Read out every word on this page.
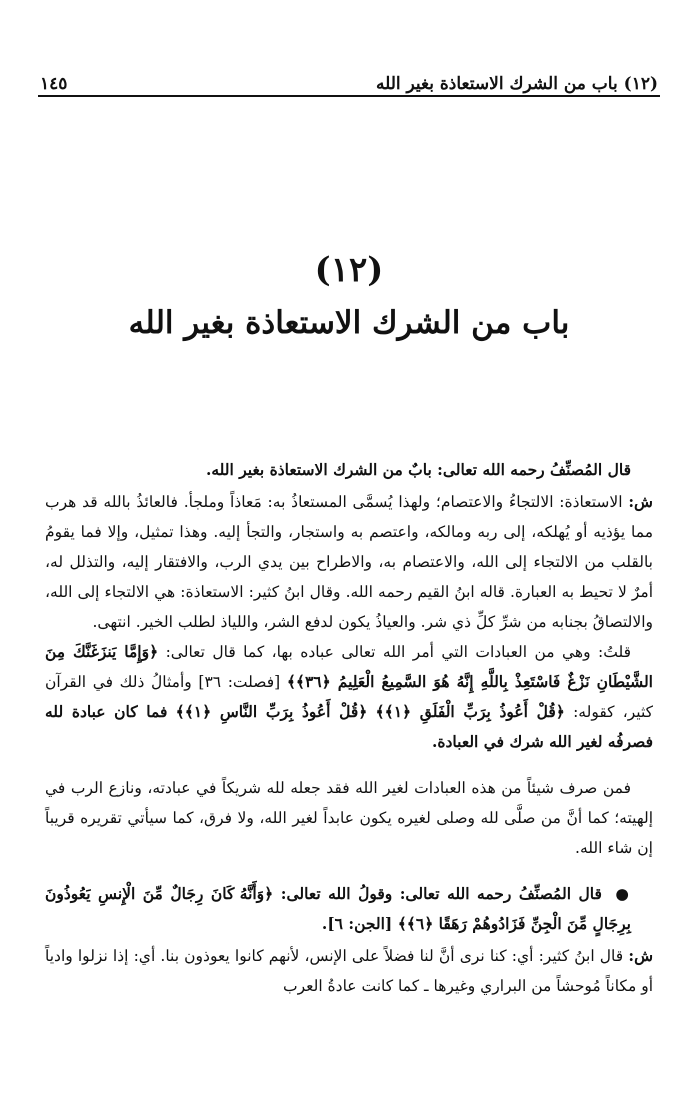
(١٢) باب من الشرك الاستعاذة بغير الله
١٤٥
(١٢)
باب من الشرك الاستعاذة بغير الله

قال المُصنِّفُ رحمه الله تعالى: بابٌ من الشرك الاستعاذة بغير الله.

ش: الاستعاذة: الالتجاءُ والاعتصام؛ ولهذا يُسمَّى المستعاذُ به: مَعاذاً وملجأ. فالعائذُ بالله قد هرب مما يؤذيه أو يُهلكه، إلى ربه ومالكه، واعتصم به واستجار، والتجأ إليه. وهذا تمثيل، وإلا فما يقومُ بالقلب من الالتجاء إلى الله، والاعتصام به، والاطراح بين يدي الرب، والافتقار إليه، والتذلل له، أمرٌ لا تحيط به العبارة. قاله ابنُ القيم رحمه الله. وقال ابنُ كثير: الاستعاذة: هي الالتجاء إلى الله، والالتصاقُ بجنابه من شرِّ كلِّ ذي شر. والعياذُ يكون لدفع الشر، واللياذ لطلب الخير. انتهى.

قلتُ: وهي من العبادات التي أمر الله تعالى عباده بها، كما قال تعالى: ﴿وَإِمَّا يَنزَغَنَّكَ مِنَ الشَّيْطَانِ نَزْغٌ فَاسْتَعِذْ بِاللَّهِ إِنَّهُ هُوَ السَّمِيعُ الْعَلِيمُ ﴿٣٦﴾﴾ [فصلت: ٣٦] وأمثالُ ذلك في القرآن كثير، كقوله: ﴿قُلْ أَعُوذُ بِرَبِّ الْفَلَقِ ﴿١﴾﴾ ﴿قُلْ أَعُوذُ بِرَبِّ النَّاسِ ﴿١﴾﴾ فما كان عبادة لله فصرفُه لغير الله شرك في العبادة.

فمن صرف شيئاً من هذه العبادات لغير الله فقد جعله لله شريكاً في عبادته، ونازع الرب في إلهيته؛ كما أنَّ من صلَّى لله وصلى لغيره يكون عابداً لغير الله، ولا فرق، كما سيأتي تقريره قريباً إن شاء الله.

● قال المُصنِّفُ رحمه الله تعالى: وقولُ الله تعالى: ﴿وَأَنَّهُ كَانَ رِجَالٌ مِّنَ الْإِنسِ يَعُوذُونَ بِرِجَالٍ مِّنَ الْجِنِّ فَزَادُوهُمْ رَهَقًا ﴿٦﴾﴾ [الجن: ٦].

ش: قال ابنُ كثير: أي: كنا نرى أنَّ لنا فضلاً على الإنس، لأنهم كانوا يعوذون بنا. أي: إذا نزلوا وادياً أو مكاناً مُوحشاً من البراري وغيرها ـ كما كانت عادةُ العرب
